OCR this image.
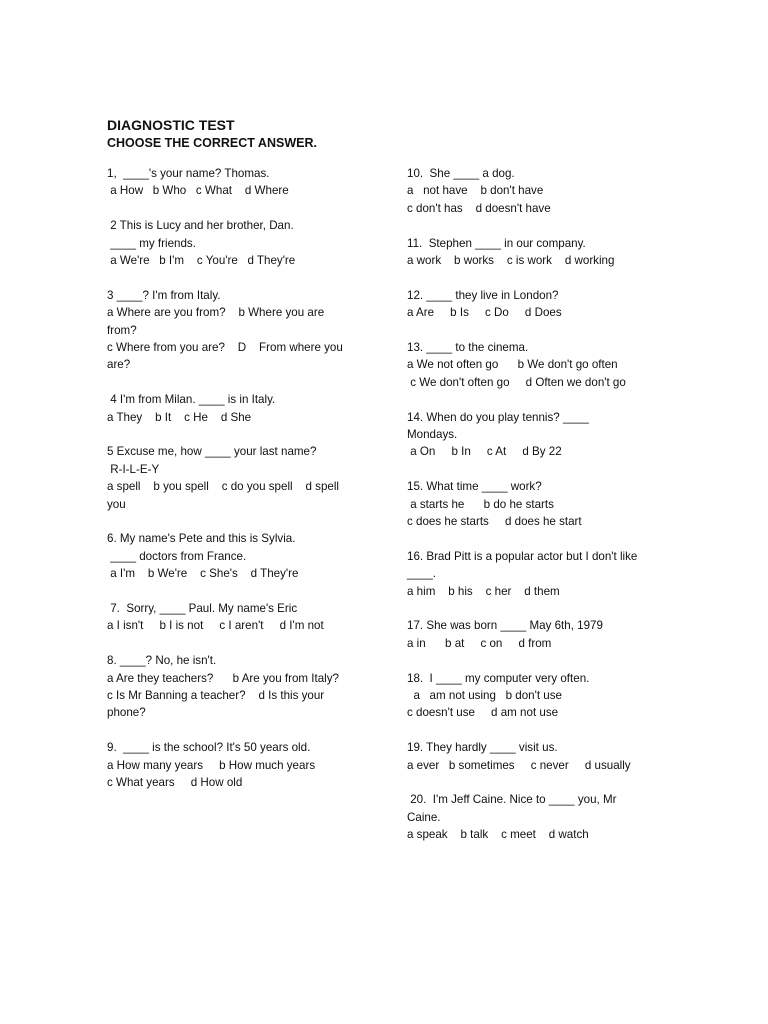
DIAGNOSTIC TEST
CHOOSE THE CORRECT ANSWER.
1,  ____'s your name? Thomas.
a How   b Who   c What    d Where
2 This is Lucy and her brother, Dan.
____ my friends.
a We're   b I'm    c You're   d They're
3 ____? I'm from Italy.
a Where are you from?    b Where you are
from?
c Where from you are?    D    From where you
are?
4 I'm from Milan. ____ is in Italy.
a They    b It    c He    d She
5 Excuse me, how ____ your last name?
R-I-L-E-Y
a spell    b you spell    c do you spell    d spell
you
6. My name's Pete and this is Sylvia.
____ doctors from France.
a I'm    b We're    c She's    d They're
7.  Sorry, ____ Paul. My name's Eric
a I isn't     b I is not     c I aren't     d I'm not
8. ____? No, he isn't.
a Are they teachers?      b Are you from Italy?
c Is Mr Banning a teacher?    d Is this your
phone?
9.  ____ is the school? It's 50 years old.
a How many years     b How much years
c What years     d How old
10.  She ____ a dog.
a   not have    b don't have
c don't has    d doesn't have
11.  Stephen ____ in our company.
a work    b works    c is work    d working
12. ____ they live in London?
a Are     b Is     c Do     d Does
13. ____ to the cinema.
a We not often go      b We don't go often
c We don't often go     d Often we don't go
14. When do you play tennis? ____
Mondays.
a On     b In     c At     d By 22
15. What time ____ work?
a starts he      b do he starts
c does he starts     d does he start
16. Brad Pitt is a popular actor but I don't like
____.
a him    b his    c her    d them
17. She was born ____ May 6th, 1979
a in      b at     c on     d from
18.  I ____ my computer very often.
a   am not using   b don't use
c doesn't use     d am not use
19. They hardly ____ visit us.
a ever   b sometimes     c never     d usually
20.  I'm Jeff Caine. Nice to ____ you, Mr
Caine.
a speak    b talk    c meet    d watch
